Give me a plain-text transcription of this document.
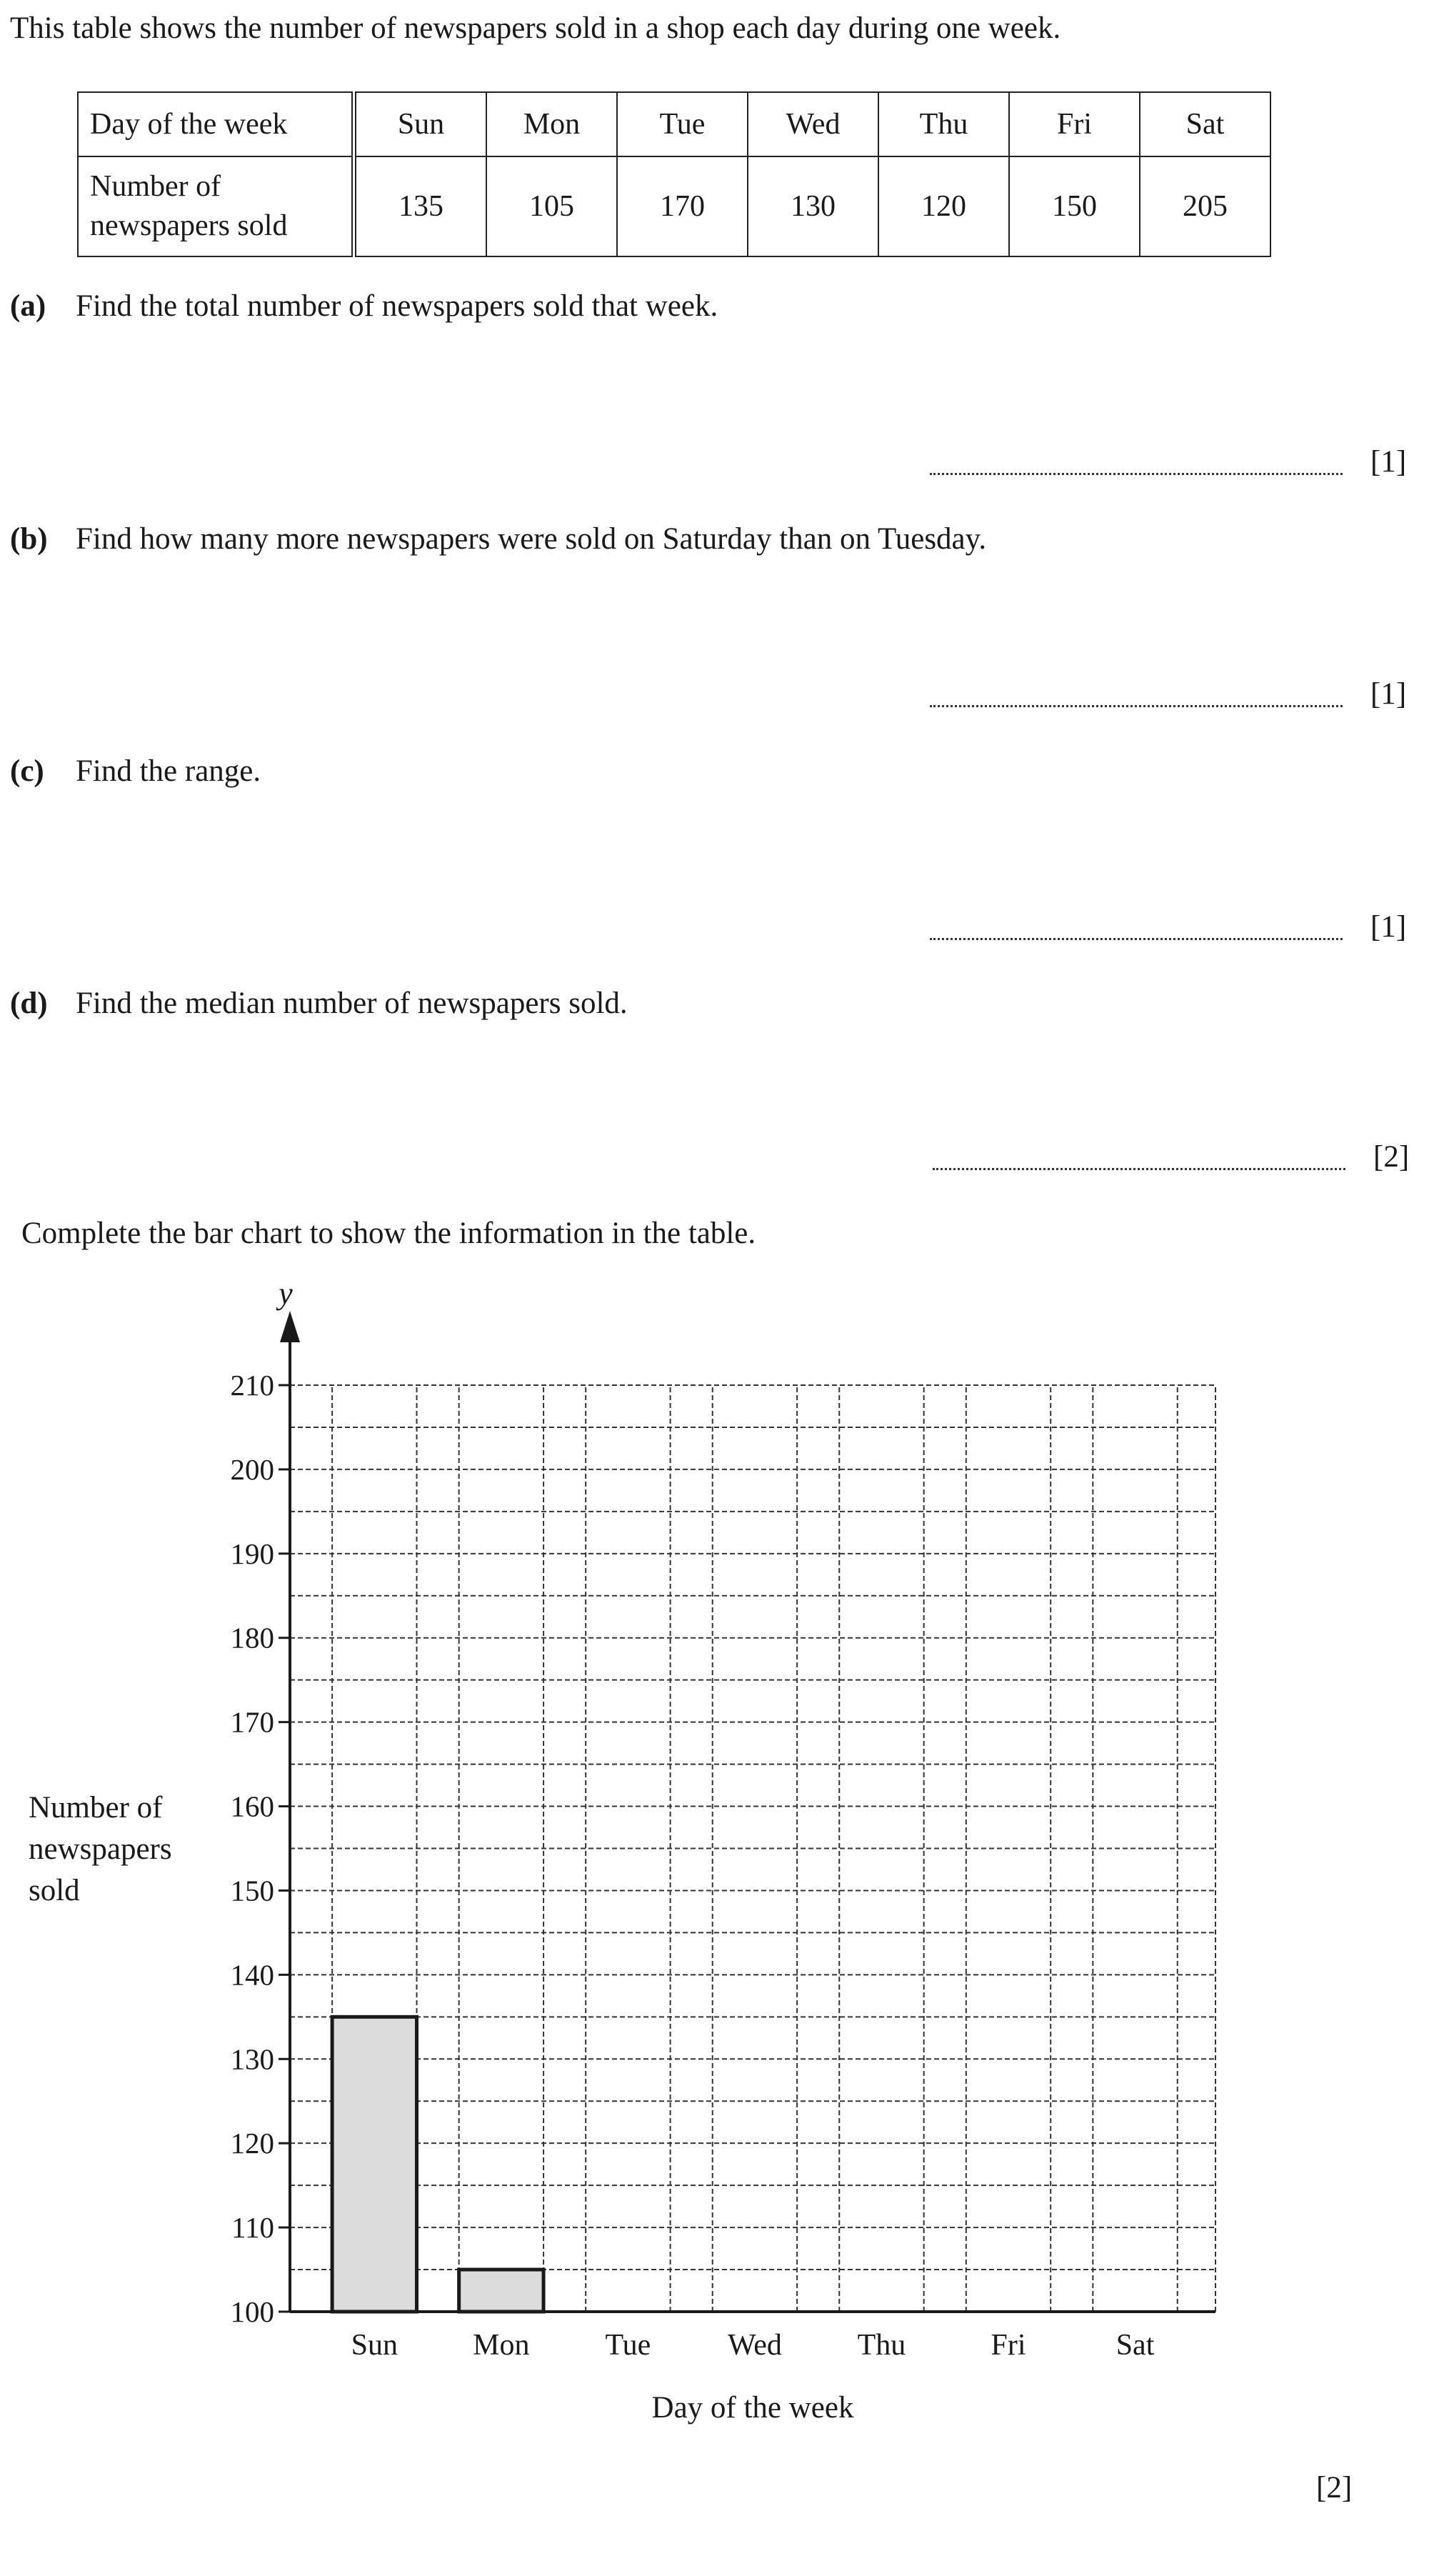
This table shows the number of newspapers sold in a shop each day during one week.
Day of the week	Sun	Mon	Tue	Wed	Thu	Fri	Sat

Number of
newspapers sold	135	105	170	130	120	150	205
(a) Find the total number of newspapers sold that week.
[1]
(b) Find how many more newspapers were sold on Saturday than on Tuesday.
[1]
(c) Find the range.
[1]
(d) Find the median number of newspapers sold.
[2]
Complete the bar chart to show the information in the table.
Number of
newspapers
sold
100
110
120
130
140
150
160
170
180
190
200
210
y
Sun	Mon	Tue	Wed	Thu	Fri	Sat
Day of the week
[2]
